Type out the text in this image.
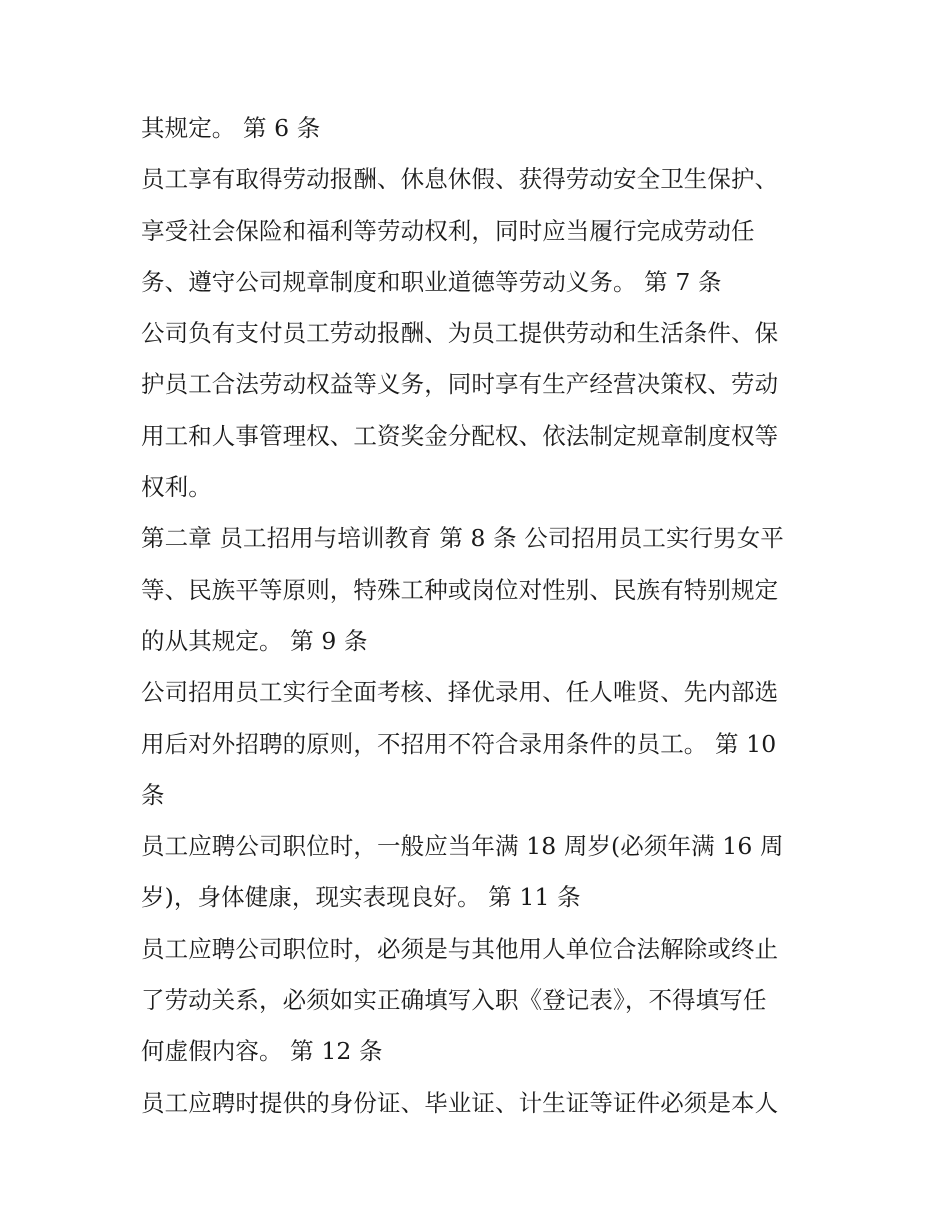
其规定。 第 6 条
员工享有取得劳动报酬、休息休假、获得劳动安全卫生保护、
享受社会保险和福利等劳动权利，同时应当履行完成劳动任
务、遵守公司规章制度和职业道德等劳动义务。 第 7 条
公司负有支付员工劳动报酬、为员工提供劳动和生活条件、保
护员工合法劳动权益等义务，同时享有生产经营决策权、劳动
用工和人事管理权、工资奖金分配权、依法制定规章制度权等
权利。
第二章 员工招用与培训教育 第 8 条 公司招用员工实行男女平
等、民族平等原则，特殊工种或岗位对性别、民族有特别规定
的从其规定。 第 9 条
公司招用员工实行全面考核、择优录用、任人唯贤、先内部选
用后对外招聘的原则，不招用不符合录用条件的员工。 第 10
条
员工应聘公司职位时，一般应当年满 18 周岁(必须年满 16 周
岁)，身体健康，现实表现良好。 第 11 条
员工应聘公司职位时，必须是与其他用人单位合法解除或终止
了劳动关系，必须如实正确填写入职《登记表》，不得填写任
何虚假内容。 第 12 条
员工应聘时提供的身份证、毕业证、计生证等证件必须是本人
